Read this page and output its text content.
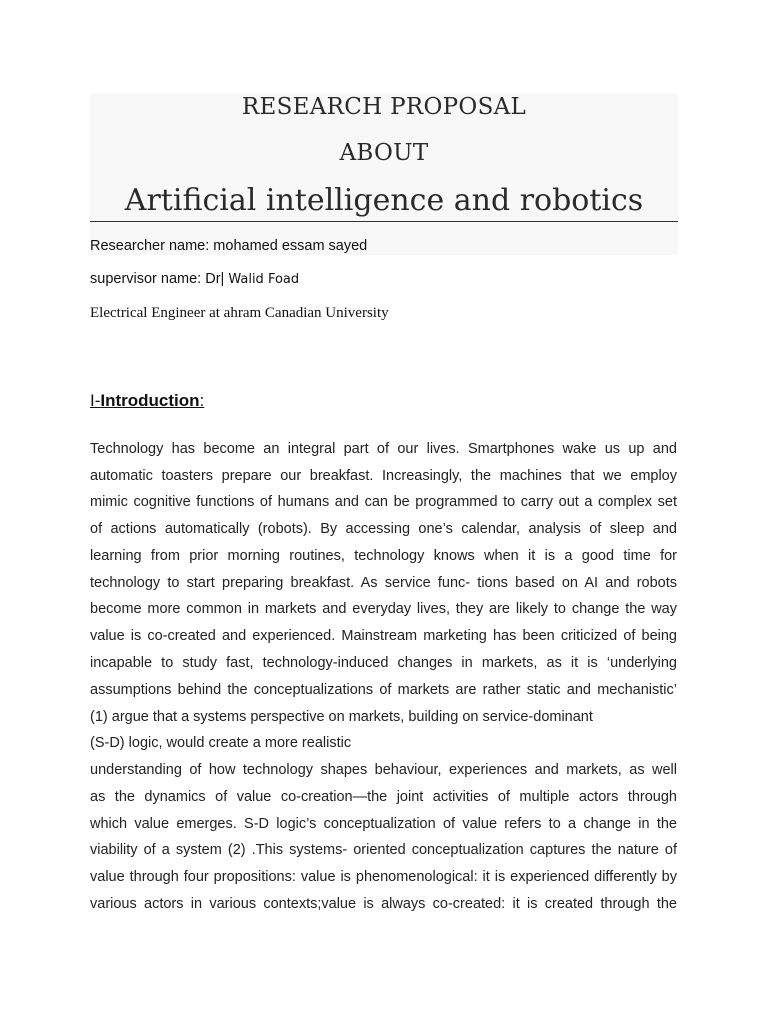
RESEARCH PROPOSAL
ABOUT
Artificial intelligence and robotics
Researcher name: mohamed essam sayed
supervisor name: Dr| Walid Foad
Electrical Engineer at ahram Canadian University
I-Introduction:
Technology has become an integral part of our lives. Smartphones wake us up and
automatic toasters prepare our breakfast. Increasingly, the machines that we employ
mimic cognitive functions of humans and can be programmed to carry out a complex set
of actions automatically (robots). By accessing one’s calendar, analysis of sleep and
learning from prior morning routines, technology knows when it is a good time for
technology to start preparing breakfast. As service func- tions based on AI and robots
become more common in markets and everyday lives, they are likely to change the way
value is co-created and experienced. Mainstream marketing has been criticized of being
incapable to study fast, technology-induced changes in markets, as it is ‘underlying
assumptions behind the conceptualizations of markets are rather static and mechanistic’
(1) argue that a systems perspective on markets, building on service-dominant
(S-D) logic, would create a more realistic
understanding of how technology shapes behaviour, experiences and markets, as well
as the dynamics of value co-creation—the joint activities of multiple actors through
which value emerges. S-D logic’s conceptualization of value refers to a change in the
viability of a system (2) .This systems- oriented conceptualization captures the nature of
value through four propositions: value is phenomenological: it is experienced differently by
various actors in various contexts;value is always co-created: it is created through the
